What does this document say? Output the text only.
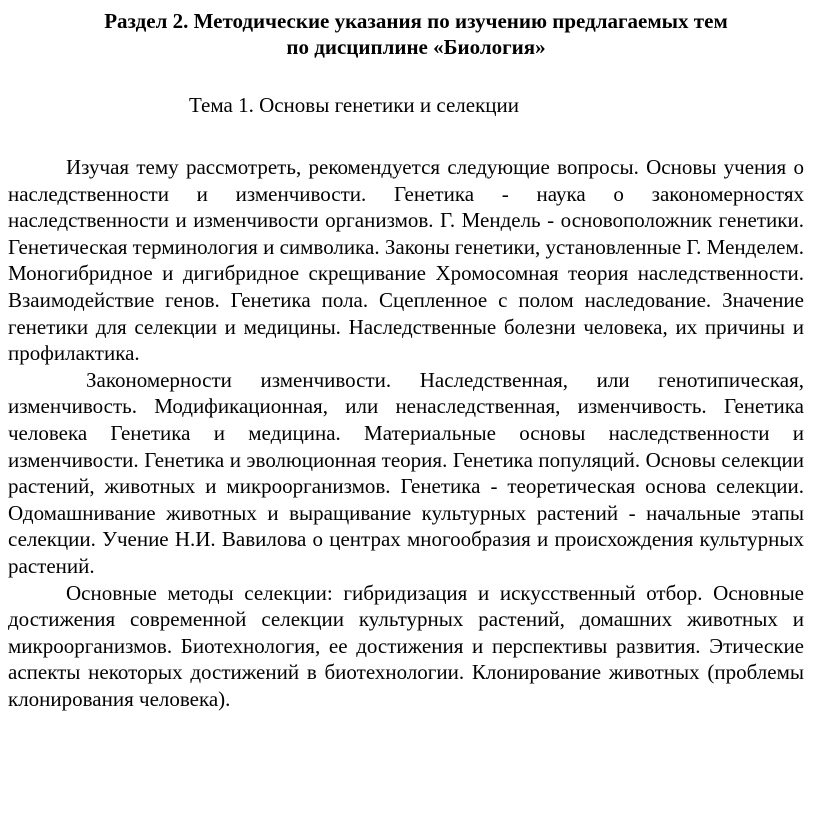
Раздел 2. Методические указания по изучению предлагаемых тем

по дисциплине «Биология»

Тема 1. Основы генетики и селекции

Изучая тему рассмотреть, рекомендуется следующие вопросы. Основы учения о наследственности и изменчивости. Генетика - наука о закономерностях наследственности и изменчивости организмов. Г. Мендель - основоположник генетики. Генетическая терминология и символика. Законы генетики, установленные Г. Менделем. Моногибридное и дигибридное скрещивание Хромосомная теория наследственности. Взаимодействие генов. Генетика пола. Сцепленное с полом наследование. Значение генетики для селекции и медицины. Наследственные болезни человека, их причины и профилактика.

Закономерности изменчивости. Наследственная, или генотипическая, изменчивость. Модификационная, или ненаследственная, изменчивость. Генетика человека Генетика и медицина. Материальные основы наследственности и изменчивости. Генетика и эволюционная теория. Генетика популяций. Основы селекции растений, животных и микроорганизмов. Генетика - теоретическая основа селекции. Одомашнивание животных и выращивание культурных растений - начальные этапы селекции. Учение Н.И. Вавилова о центрах многообразия и происхождения культурных растений.

Основные методы селекции: гибридизация и искусственный отбор. Основные достижения современной селекции культурных растений, домашних животных и микроорганизмов. Биотехнология, ее достижения и перспективы развития. Этические аспекты некоторых достижений в биотехнологии. Клонирование животных (проблемы клонирования человека).
